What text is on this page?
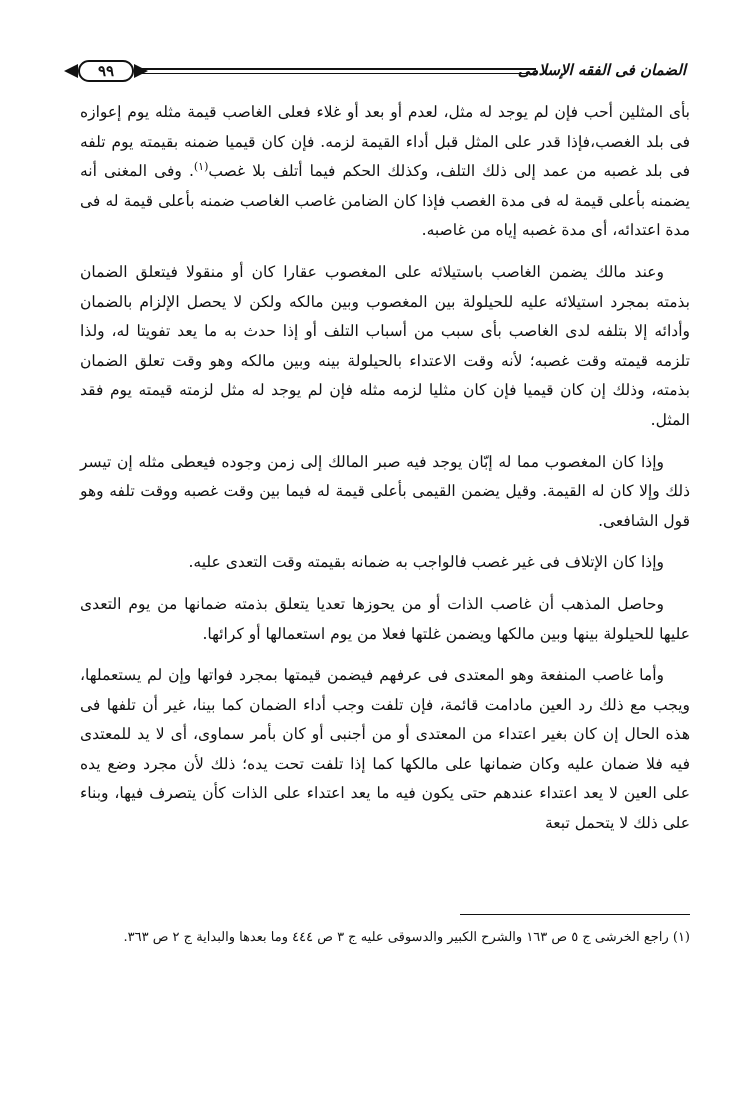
٩٩	الضمان فى الفقه الإسلامى

بأى المثلين أحب فإن لم يوجد له مثل، لعدم أو بعد أو غلاء فعلى الغاصب قيمة مثله يوم إعوازه فى بلد الغصب،فإذا قدر على المثل قبل أداء القيمة لزمه. فإن كان قيميا ضمنه بقيمته يوم تلفه فى بلد غصبه من عمد إلى ذلك التلف، وكذلك الحكم فيما أتلف بلا غصب$^{(١)}$. وفى المغنى أنه يضمنه بأعلى قيمة له فى مدة الغصب فإذا كان الضامن غاصب الغاصب ضمنه بأعلى قيمة له فى مدة اعتدائه، أى مدة غصبه إياه من غاصبه.

وعند مالك يضمن الغاصب باستيلائه على المغصوب عقارا كان أو منقولا فيتعلق الضمان بذمته بمجرد استيلائه عليه للحيلولة بين المغصوب وبين مالكه ولكن لا يحصل الإلزام بالضمان وأدائه إلا بتلفه لدى الغاصب بأى سبب من أسباب التلف أو إذا حدث به ما يعد تفويتا له، ولذا تلزمه قيمته وقت غصبه؛ لأنه وقت الاعتداء بالحيلولة بينه وبين مالكه وهو وقت تعلق الضمان بذمته، وذلك إن كان قيميا فإن كان مثليا لزمه مثله فإن لم يوجد له مثل لزمته قيمته يوم فقد المثل.

وإذا كان المغصوب مما له إبّان يوجد فيه صبر المالك إلى زمن وجوده فيعطى مثله إن تيسر ذلك وإلا كان له القيمة. وقيل يضمن القيمى بأعلى قيمة له فيما بين وقت غصبه ووقت تلفه وهو قول الشافعى.

وإذا كان الإتلاف فى غير غصب فالواجب به ضمانه بقيمته وقت التعدى عليه.

وحاصل المذهب أن غاصب الذات أو من يحوزها تعديا يتعلق بذمته ضمانها من يوم التعدى عليها للحيلولة بينها وبين مالكها ويضمن غلتها فعلا من يوم استعمالها أو كرائها.

وأما غاصب المنفعة وهو المعتدى فى عرفهم فيضمن قيمتها بمجرد فواتها وإن لم يستعملها، ويجب مع ذلك رد العين مادامت قائمة، فإن تلفت وجب أداء الضمان كما بينا، غير أن تلفها فى هذه الحال إن كان بغير اعتداء من المعتدى أو من أجنبى أو كان بأمر سماوى، أى لا يد للمعتدى فيه فلا ضمان عليه وكان ضمانها على مالكها كما إذا تلفت تحت يده؛ ذلك لأن مجرد وضع يده على العين لا يعد اعتداء عندهم حتى يكون فيه ما يعد اعتداء على الذات كأن يتصرف فيها، وبناء على ذلك لا يتحمل تبعة

(١) راجع الخرشى ج ٥ ص ١٦٣ والشرح الكبير والدسوقى عليه ج ٣ ص ٤٤٤ وما بعدها والبداية ج ٢ ص ٣٦٣.
